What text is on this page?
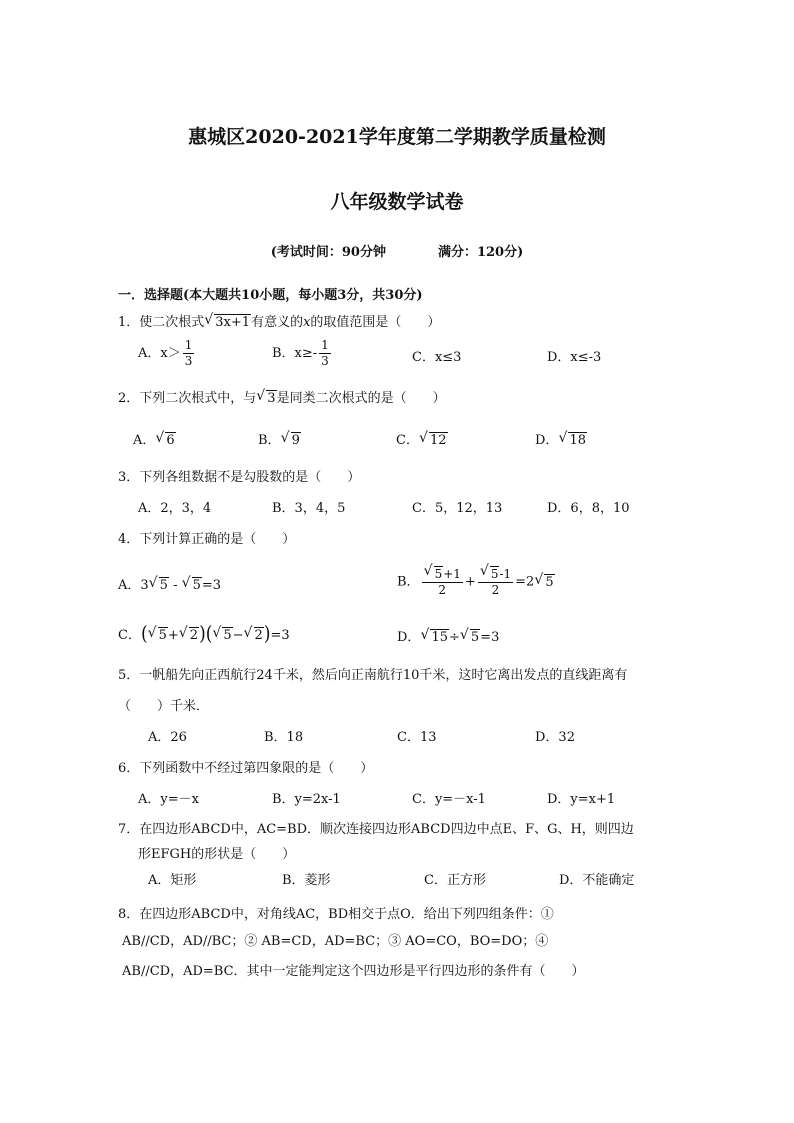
惠城区2020-2021学年度第二学期教学质量检测
八年级数学试卷
(考试时间：90分钟	满分：120分)
一．选择题(本大题共10小题，每小题3分，共30分)
1．使二次根式√ 3x+1有意义的x的取值范围是（　　）
A．$x> \frac{1}{3}$	B．$x\ge- \frac{1}{3}$	C．x≤3	D．x≤-3
2．下列二次根式中，与√ 3是同类二次根式的是（　　）
A．√ 6	B．√ 9	C．√ 12	D．√ 18
3．下列各组数据不是勾股数的是（　　）
A．2，3，4	B．3，4，5	C．5，12，13	D．6，8，10
4．下列计算正确的是（　　）
A．3√ 5 - √ 5=3	B．
√ $\frac{5+1}{2}$ +
√ $\frac{5-1}{2} =2√$ 5
C．(√ 5+√ 2)(√ 5−√ 2)=3	D．√ 15÷√ 5=3
5．一帆船先向正西航行24千米，然后向正南航行10千米，这时它离出发点的直线距离有
（　　）千米．
A．26	B．18	C．13	D．32
6．下列函数中不经过第四象限的是（　　）
A．y=－x	B．y=2x-1	C．y=－x-1	D．y=x+1
7．在四边形ABCD中，AC=BD．顺次连接四边形ABCD四边中点E、F、G、H，则四边
形EFGH的形状是（　　）
A．矩形	B．菱形	C．正方形	D．不能确定
8．在四边形ABCD中，对角线AC，BD相交于点O．给出下列四组条件：①
AB//CD，AD//BC；② AB=CD，AD=BC；③ AO=CO，BO=DO；④
AB//CD，AD=BC．其中一定能判定这个四边形是平行四边形的条件有（　　）
